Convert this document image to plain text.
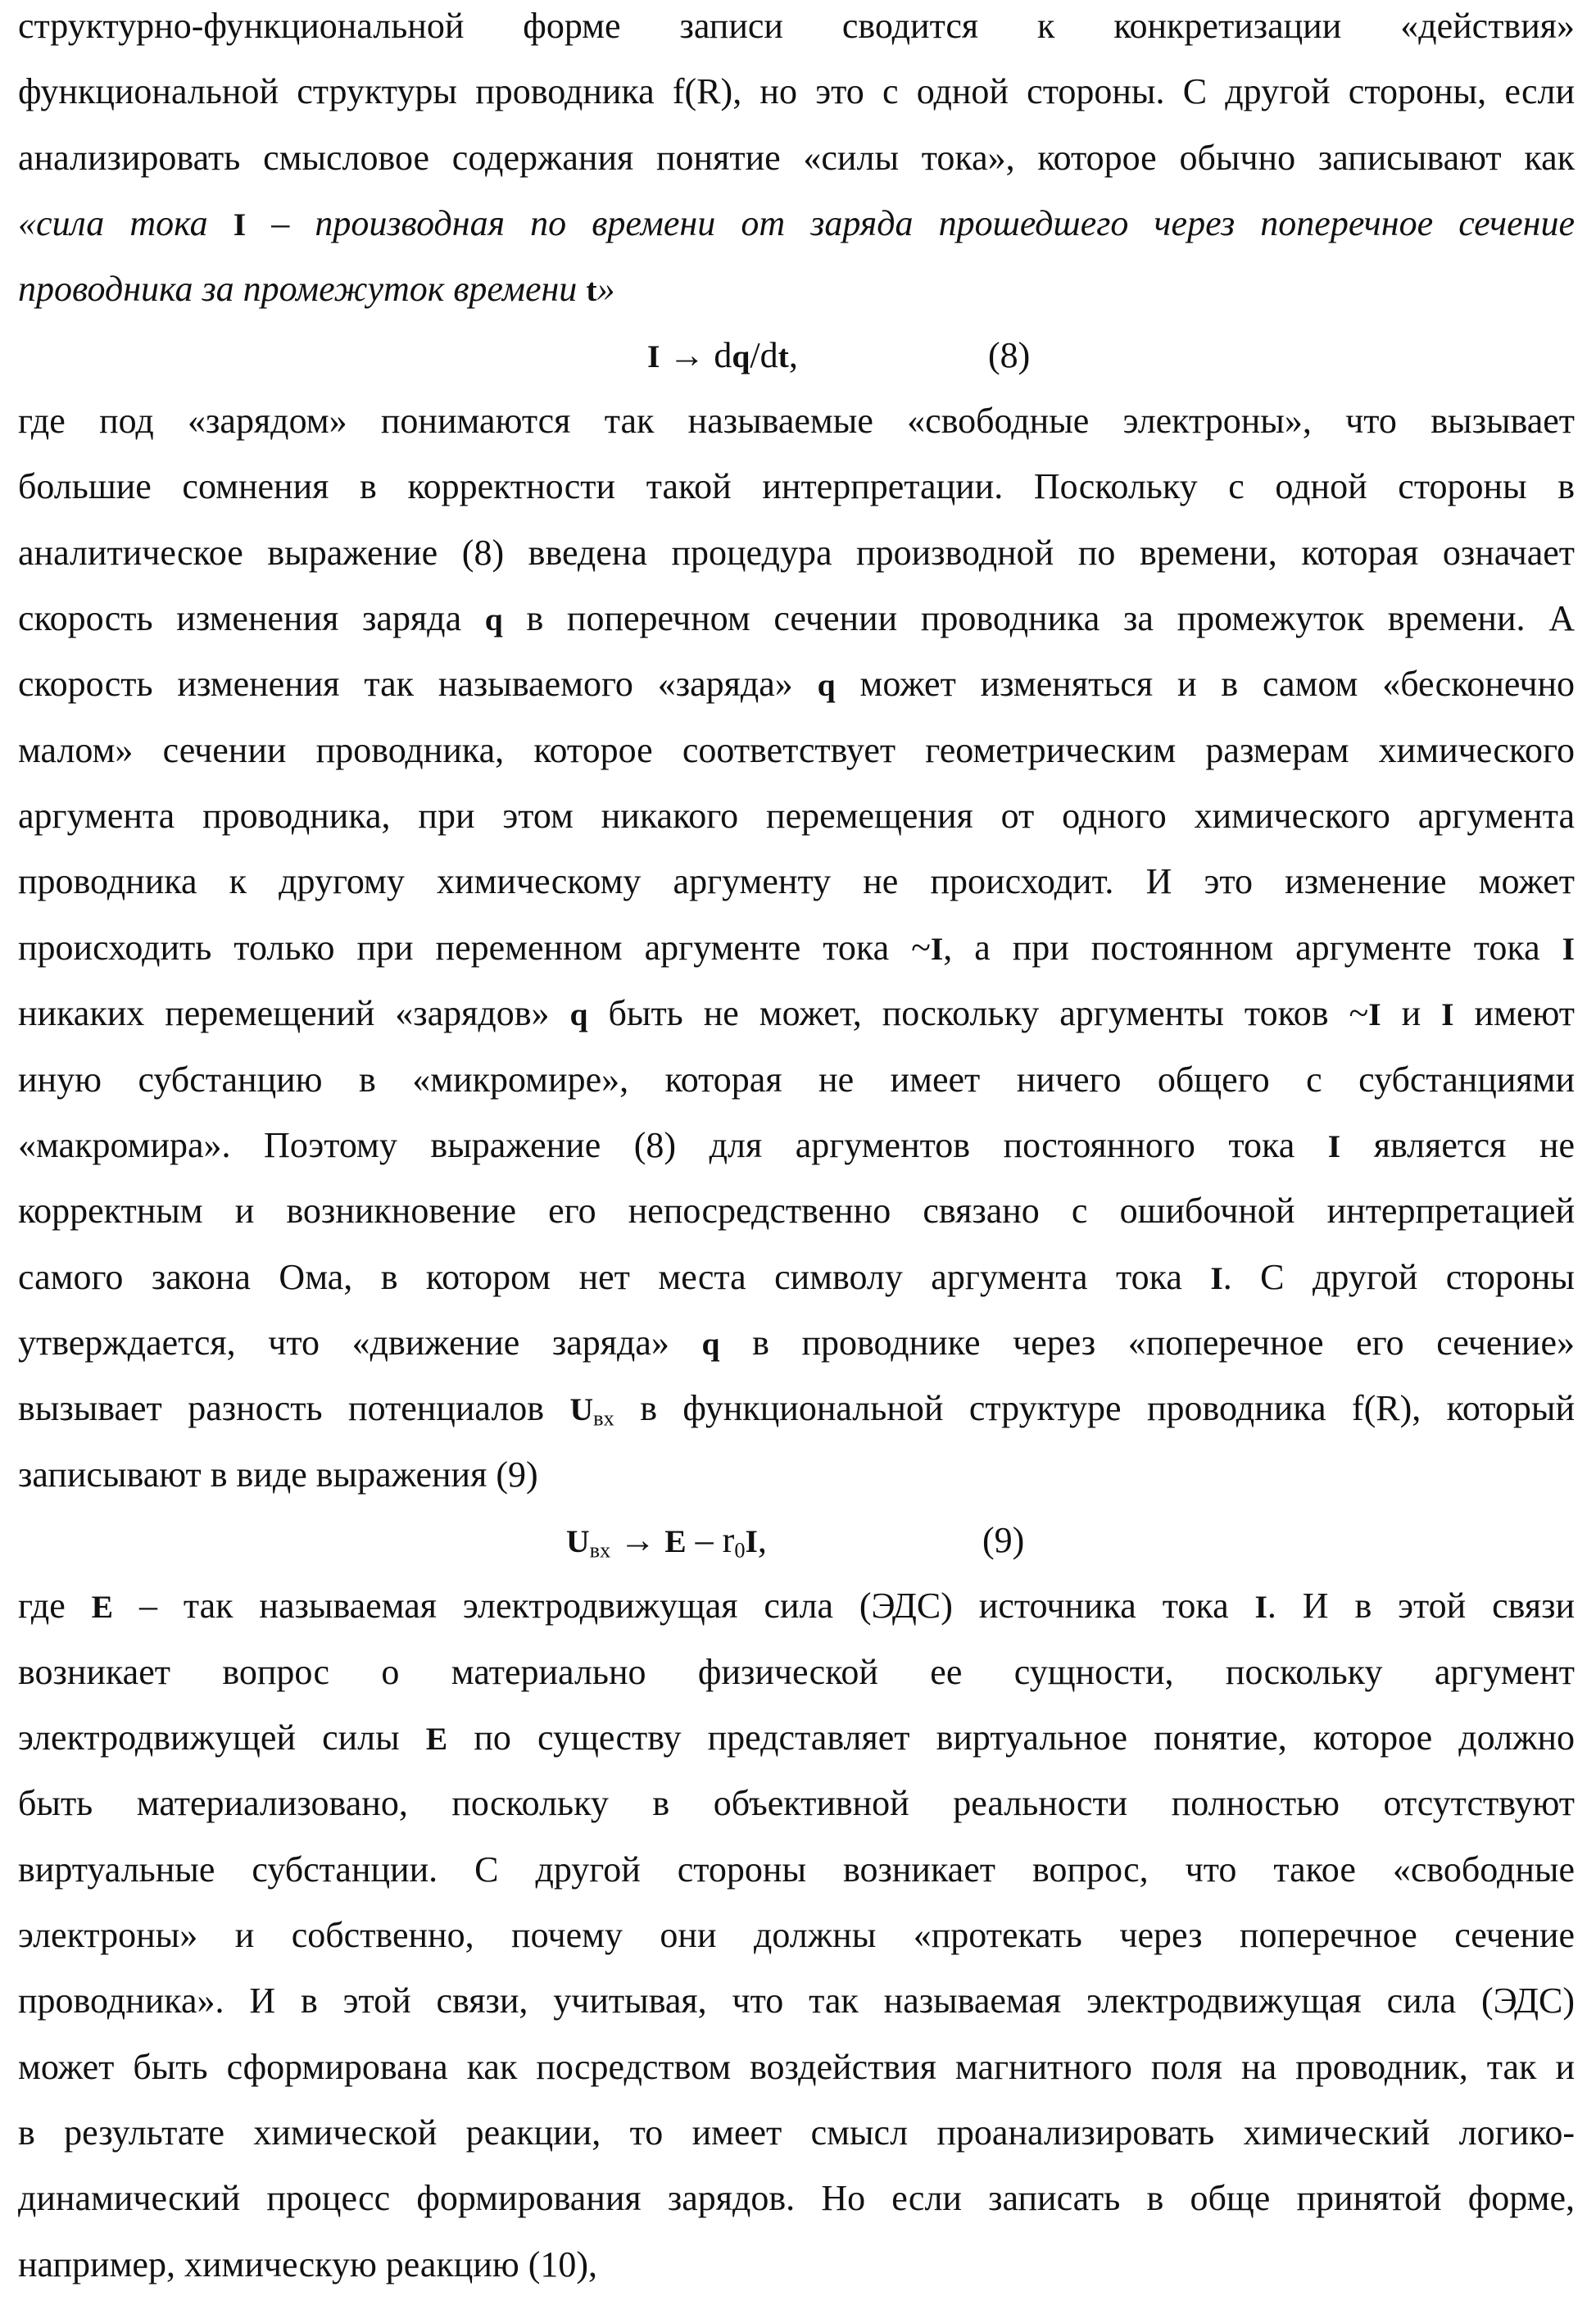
структурно-функциональной форме записи сводится к конкретизации «действия»
функциональной структуры проводника f(R), но это с одной стороны. С другой стороны, если
анализировать смысловое содержания понятие «силы тока», которое обычно записывают как
«сила тока I – производная по времени от заряда прошедшего через поперечное сечение
проводника за промежуток времени t»
I → dq/dt,	(8)
где под «зарядом» понимаются так называемые «свободные электроны», что вызывает
большие сомнения в корректности такой интерпретации. Поскольку с одной стороны в
аналитическое выражение (8) введена процедура производной по времени, которая означает
скорость изменения заряда q в поперечном сечении проводника за промежуток времени. А
скорость изменения так называемого «заряда» q может изменяться и в самом «бесконечно
малом» сечении проводника, которое соответствует геометрическим размерам химического
аргумента проводника, при этом никакого перемещения от одного химического аргумента
проводника к другому химическому аргументу не происходит. И это изменение может
происходить только при переменном аргументе тока ~I, а при постоянном аргументе тока I
никаких перемещений «зарядов» q быть не может, поскольку аргументы токов ~I и I имеют
иную субстанцию в «микромире», которая не имеет ничего общего с субстанциями
«макромира». Поэтому выражение (8) для аргументов постоянного тока I является не
корректным и возникновение его непосредственно связано с ошибочной интерпретацией
самого закона Ома, в котором нет места символу аргумента тока I. С другой стороны
утверждается, что «движение заряда» q в проводнике через «поперечное его сечение»
вызывает разность потенциалов Uвх в функциональной структуре проводника f(R), который
записывают в виде выражения (9)
Uвх → E – r0I,	(9)
где E – так называемая электродвижущая сила (ЭДС) источника тока I. И в этой связи
возникает вопрос о материально физической ее сущности, поскольку аргумент
электродвижущей силы E по существу представляет виртуальное понятие, которое должно
быть материализовано, поскольку в объективной реальности полностью отсутствуют
виртуальные субстанции. С другой стороны возникает вопрос, что такое «свободные
электроны» и собственно, почему они должны «протекать через поперечное сечение
проводника». И в этой связи, учитывая, что так называемая электродвижущая сила (ЭДС)
может быть сформирована как посредством воздействия магнитного поля на проводник, так и
в результате химической реакции, то имеет смысл проанализировать химический логико-
динамический процесс формирования зарядов. Но если записать в обще принятой форме,
например, химическую реакцию (10),
